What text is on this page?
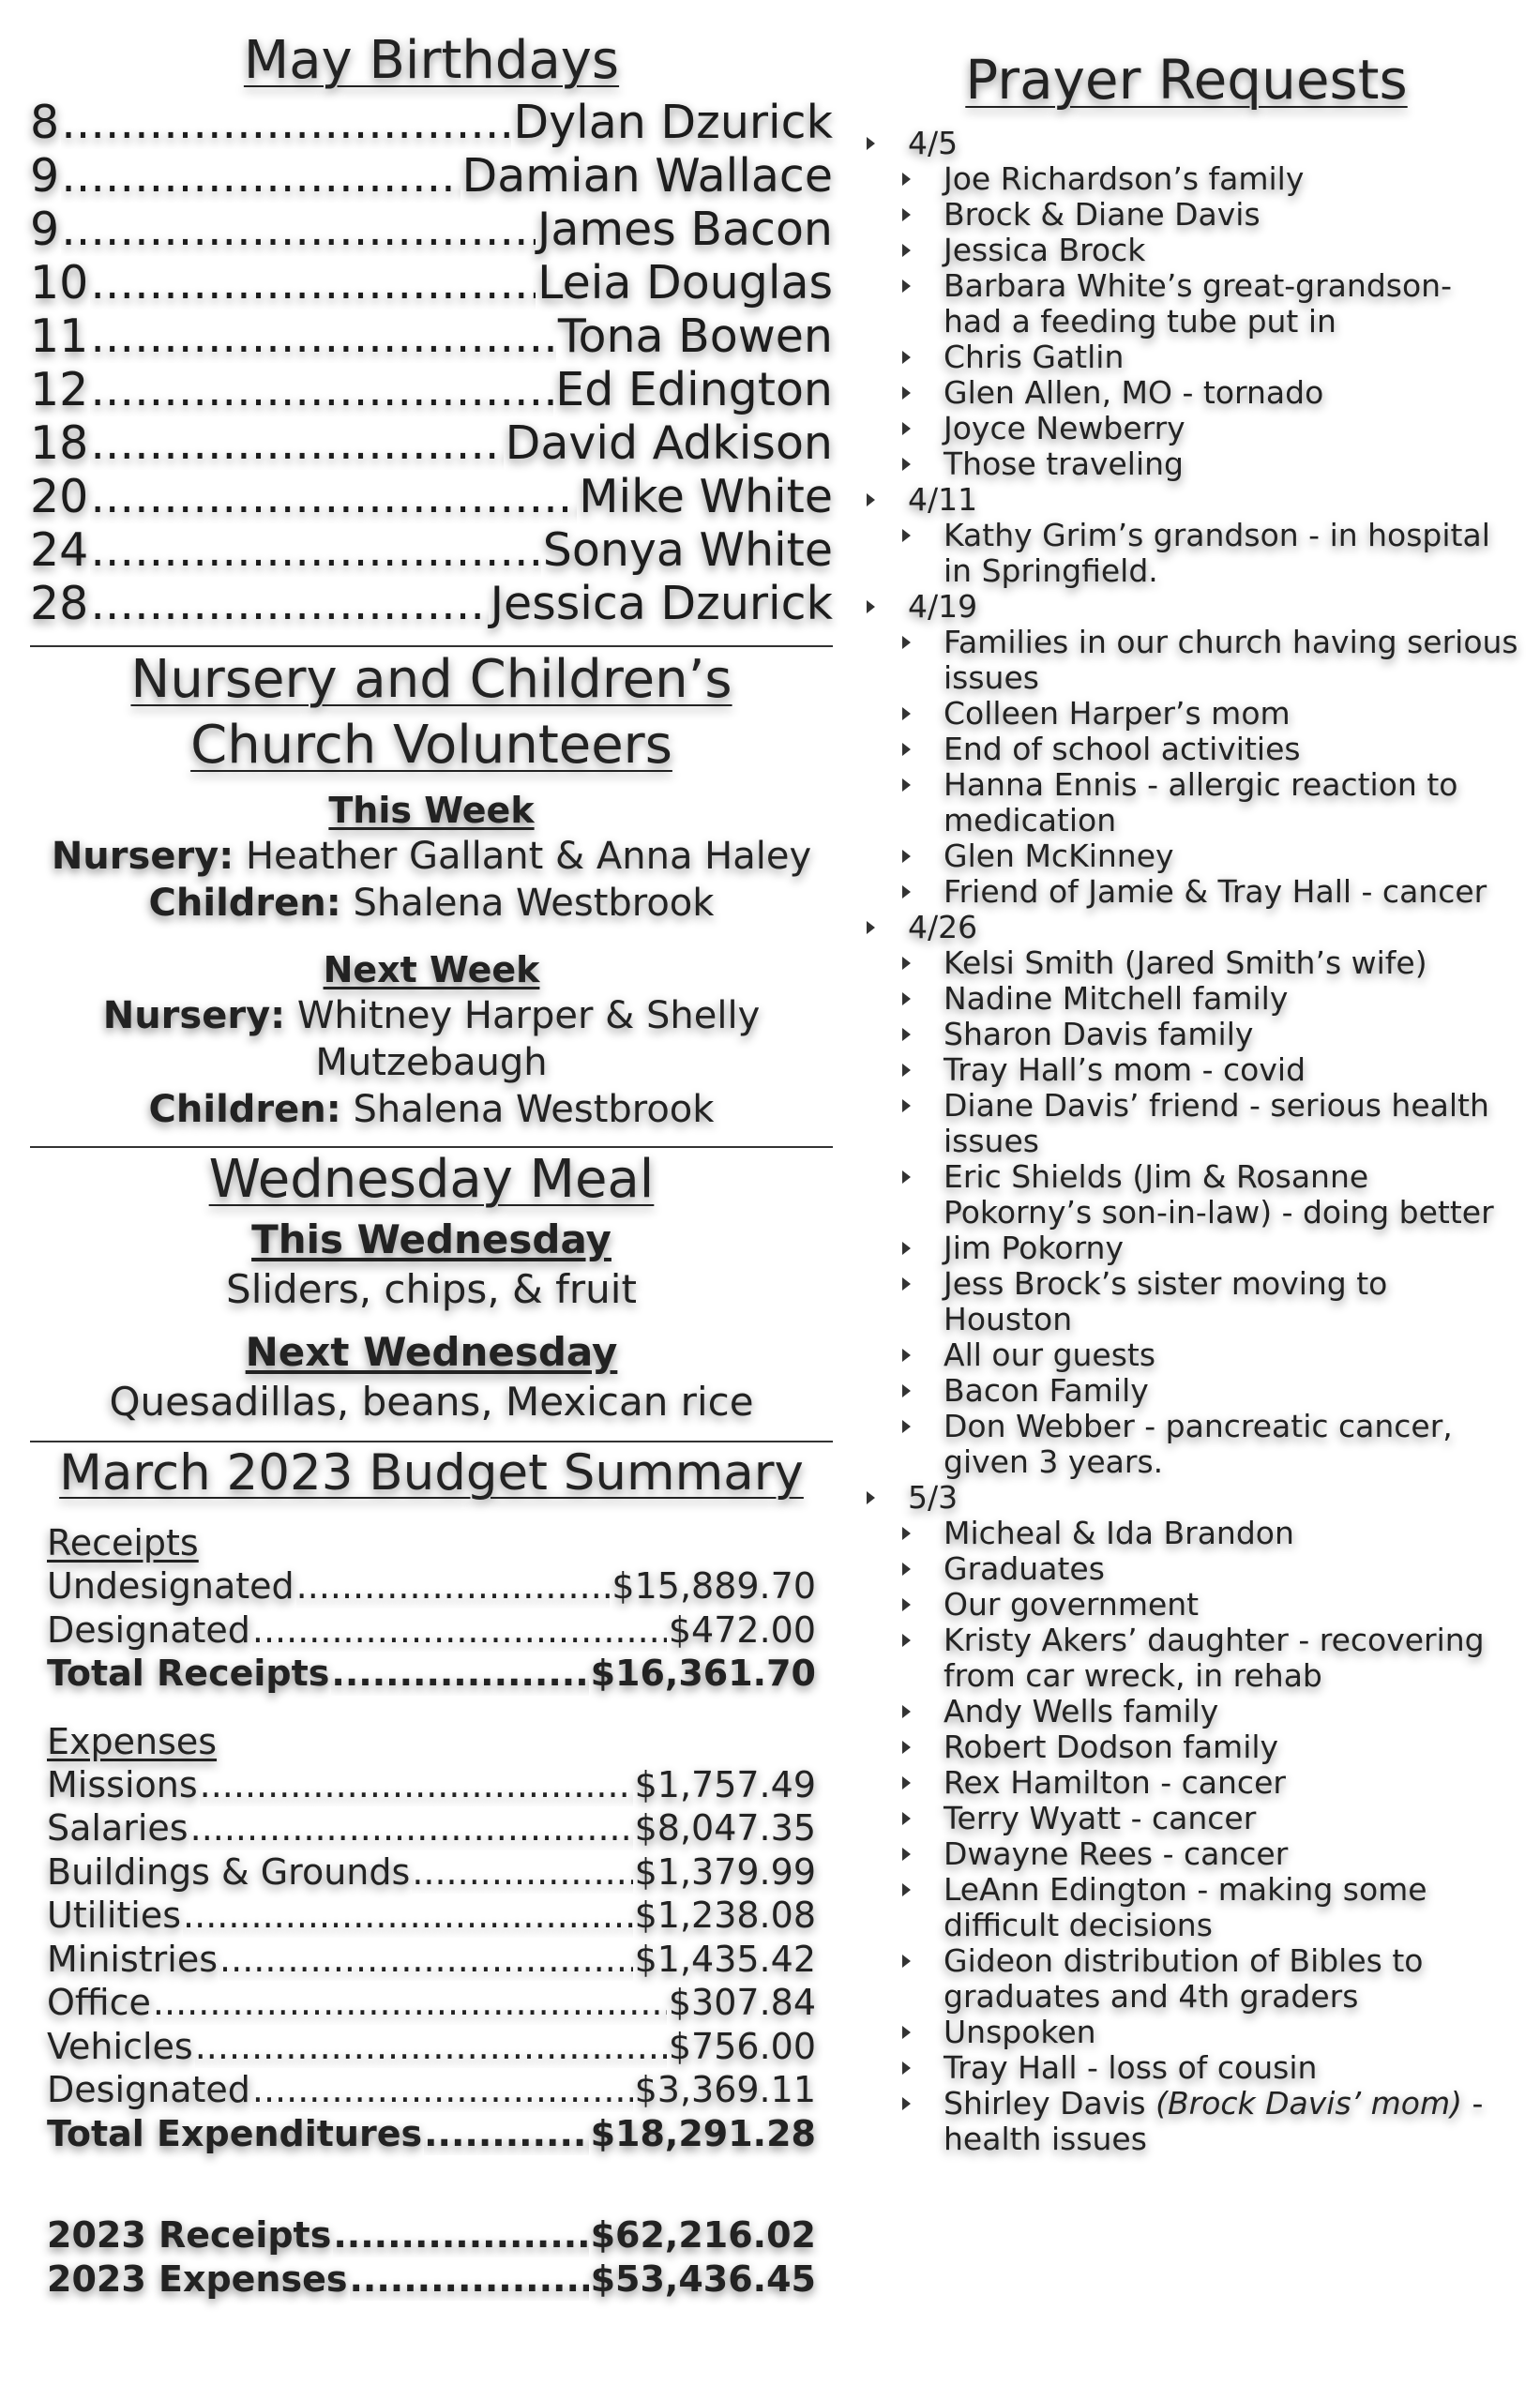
May Birthdays
8 .....	Dylan Dzurick
9 .....	Damian Wallace
9 .....	James Bacon
10 .....	Leia Douglas
11 .....	Tona Bowen
12 .....	Ed Edington
18 .....	David Adkison
20 .....	Mike White
24 .....	Sonya White
28 .....	Jessica Dzurick
Nursery and Children’s
Church Volunteers
This Week
Nursery: Heather Gallant & Anna Haley
Children: Shalena Westbrook
Next Week
Nursery: Whitney Harper & Shelly
Mutzebaugh
Children: Shalena Westbrook
Wednesday Meal
This Wednesday
Sliders, chips, & fruit
Next Wednesday
Quesadillas, beans, Mexican rice
March 2023 Budget Summary
Receipts
Undesignated .....	$15,889.70
Designated .....	$472.00
Total Receipts .....	$16,361.70
Expenses
Missions .....	$1,757.49
Salaries .....	$8,047.35
Buildings & Grounds .....	$1,379.99
Utilities .....	$1,238.08
Ministries .....	$1,435.42
Office .....	$307.84
Vehicles .....	$756.00
Designated .....	$3,369.11
Total Expenditures .....	$18,291.28
2023 Receipts .....	$62,216.02
2023 Expenses .....	$53,436.45
Prayer Requests
4/5
Joe Richardson’s family
Brock & Diane Davis
Jessica Brock
Barbara White’s great-grandson- had a feeding tube put in
Chris Gatlin
Glen Allen, MO - tornado
Joyce Newberry
Those traveling
4/11
Kathy Grim’s grandson - in hospital in Springfield.
4/19
Families in our church having serious issues
Colleen Harper’s mom
End of school activities
Hanna Ennis - allergic reaction to medication
Glen McKinney
Friend of Jamie & Tray Hall - cancer
4/26
Kelsi Smith (Jared Smith’s wife)
Nadine Mitchell family
Sharon Davis family
Tray Hall’s mom - covid
Diane Davis’ friend - serious health issues
Eric Shields (Jim & Rosanne Pokorny’s son-in-law) - doing better
Jim Pokorny
Jess Brock’s sister moving to Houston
All our guests
Bacon Family
Don Webber - pancreatic cancer, given 3 years.
5/3
Micheal & Ida Brandon
Graduates
Our government
Kristy Akers’ daughter - recovering from car wreck, in rehab
Andy Wells family
Robert Dodson family
Rex Hamilton - cancer
Terry Wyatt - cancer
Dwayne Rees - cancer
LeAnn Edington - making some difficult decisions
Gideon distribution of Bibles to graduates and 4th graders
Unspoken
Tray Hall - loss of cousin
Shirley Davis (Brock Davis’ mom) - health issues
